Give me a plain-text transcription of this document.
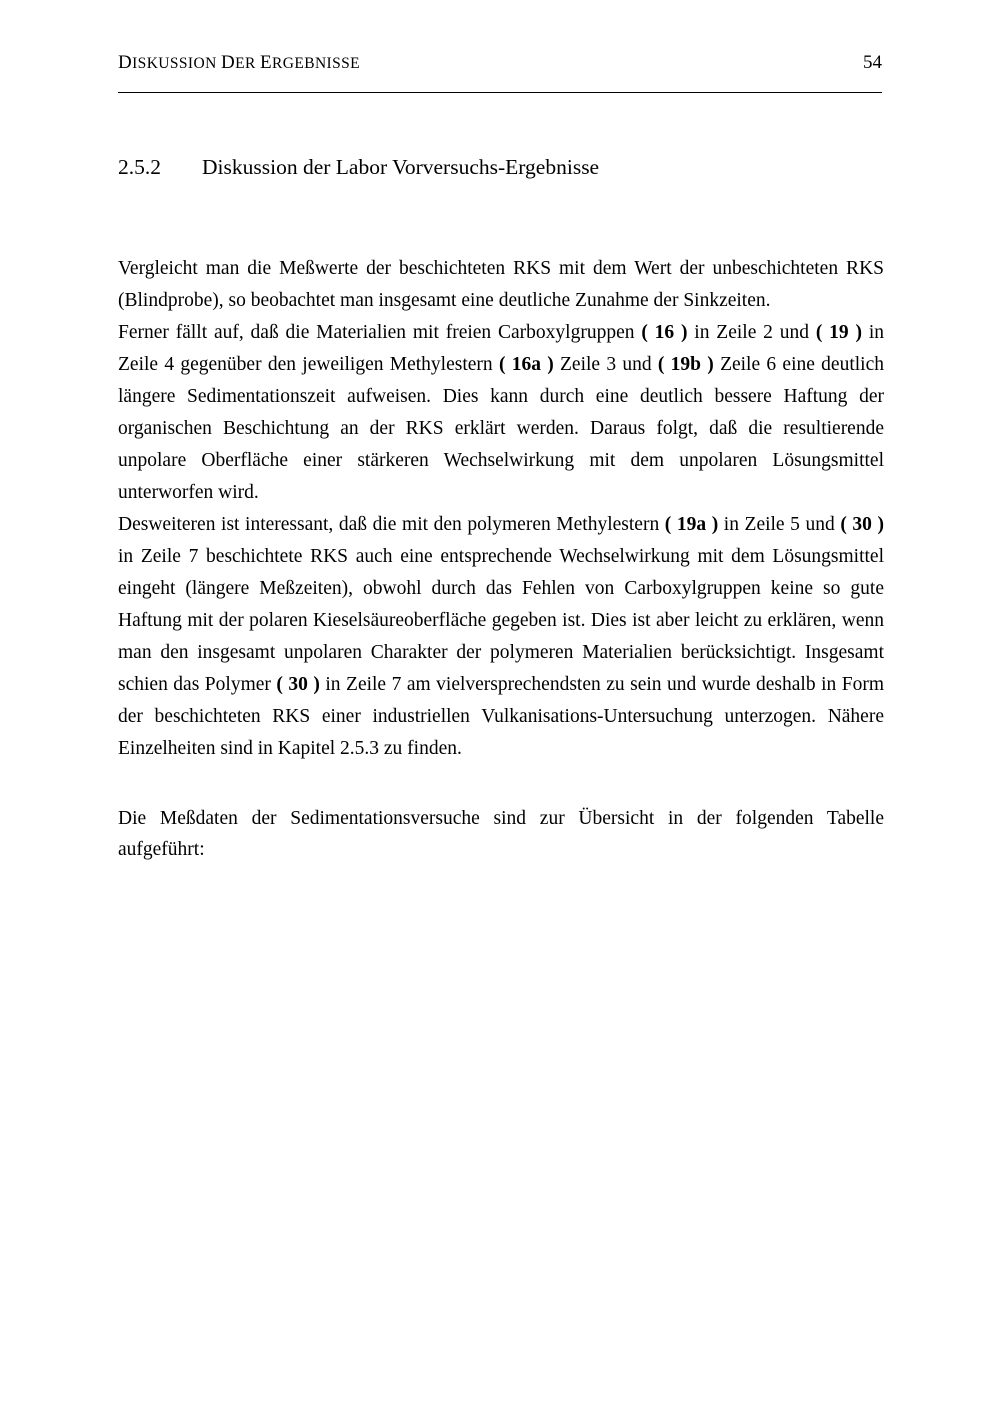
DISKUSSION DER ERGEBNISSE	54
2.5.2	Diskussion der Labor Vorversuchs-Ergebnisse

Vergleicht man die Meßwerte der beschichteten RKS mit dem Wert der unbeschichteten RKS (Blindprobe), so beobachtet man insgesamt eine deutliche Zunahme der Sinkzeiten.

Ferner fällt auf, daß die Materialien mit freien Carboxylgruppen ( 16 ) in Zeile 2 und ( 19 ) in Zeile 4 gegenüber den jeweiligen Methylestern ( 16a ) Zeile 3 und ( 19b ) Zeile 6 eine deutlich längere Sedimentationszeit aufweisen. Dies kann durch eine deutlich bessere Haftung der organischen Beschichtung an der RKS erklärt werden. Daraus folgt, daß die resultierende unpolare Oberfläche einer stärkeren Wechselwirkung mit dem unpolaren Lösungsmittel unterworfen wird.

Desweiteren ist interessant, daß die mit den polymeren Methylestern ( 19a ) in Zeile 5 und ( 30 ) in Zeile 7 beschichtete RKS auch eine entsprechende Wechselwirkung mit dem Lösungsmittel eingeht (längere Meßzeiten), obwohl durch das Fehlen von Carboxylgruppen keine so gute Haftung mit der polaren Kieselsäureoberfläche gegeben ist. Dies ist aber leicht zu erklären, wenn man den insgesamt unpolaren Charakter der polymeren Materialien berücksichtigt. Insgesamt schien das Polymer ( 30 ) in Zeile 7 am vielversprechendsten zu sein und wurde deshalb in Form der beschichteten RKS einer industriellen Vulkanisations-Untersuchung unterzogen. Nähere Einzelheiten sind in Kapitel 2.5.3 zu finden.

Die Meßdaten der Sedimentationsversuche sind zur Übersicht in der folgenden Tabelle aufgeführt:
